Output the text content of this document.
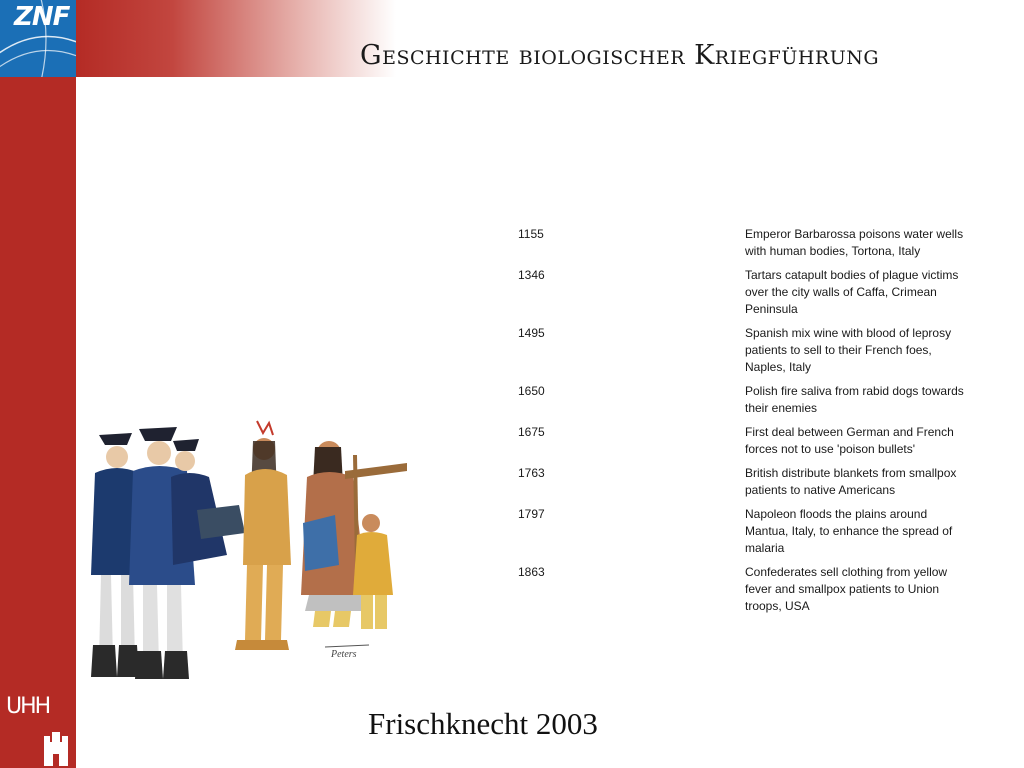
ZNF
Geschichte biologischer Kriegführung
1155	Emperor Barbarossa poisons water wells with human bodies, Tortona, Italy
1346	Tartars catapult bodies of plague victims over the city walls of Caffa, Crimean Peninsula
1495	Spanish mix wine with blood of leprosy patients to sell to their French foes, Naples, Italy
1650	Polish fire saliva from rabid dogs towards their enemies
1675	First deal between German and French forces not to use 'poison bullets'
1763	British distribute blankets from smallpox patients to native Americans
1797	Napoleon floods the plains around Mantua, Italy, to enhance the spread of malaria
1863	Confederates sell clothing from yellow fever and smallpox patients to Union troops, USA
Peters
Frischknecht 2003
UHH
